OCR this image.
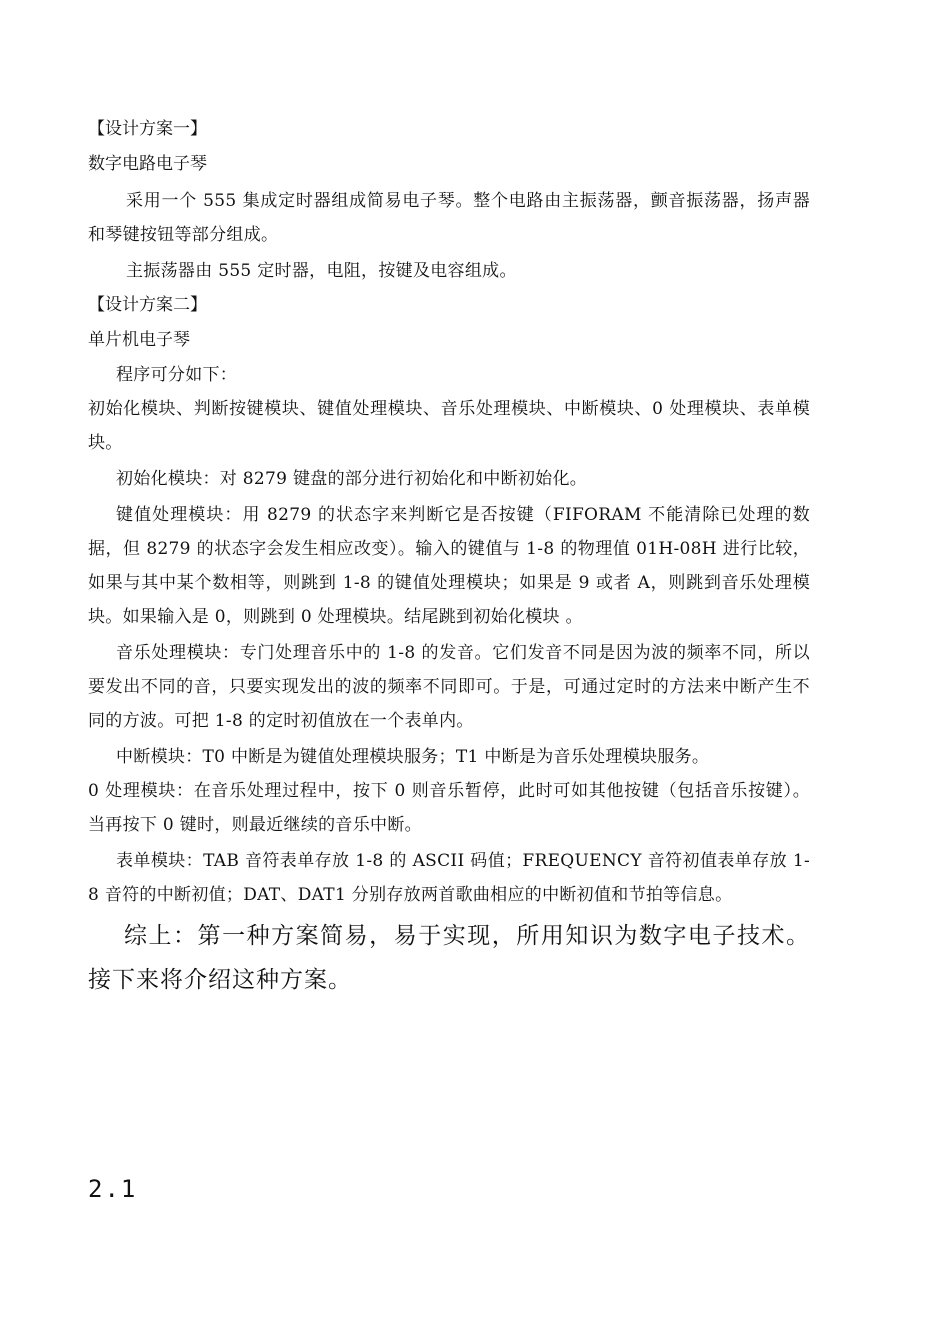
【设计方案一】
数字电路电子琴
采用一个 555 集成定时器组成简易电子琴。整个电路由主振荡器，颤音振荡器，扬声器和琴键按钮等部分组成。
主振荡器由 555 定时器，电阻，按键及电容组成。
【设计方案二】
单片机电子琴
程序可分如下：
初始化模块、判断按键模块、键值处理模块、音乐处理模块、中断模块、0 处理模块、表单模块。
初始化模块：对 8279 键盘的部分进行初始化和中断初始化。
键值处理模块：用 8279 的状态字来判断它是否按键（FIFORAM 不能清除已处理的数据，但 8279 的状态字会发生相应改变）。输入的键值与 1-8 的物理值 01H-08H 进行比较，如果与其中某个数相等，则跳到 1-8 的键值处理模块；如果是 9 或者 A，则跳到音乐处理模块。如果输入是 0，则跳到 0 处理模块。结尾跳到初始化模块 。
音乐处理模块：专门处理音乐中的 1-8 的发音。它们发音不同是因为波的频率不同，所以要发出不同的音，只要实现发出的波的频率不同即可。于是，可通过定时的方法来中断产生不同的方波。可把 1-8 的定时初值放在一个表单内。
中断模块：T0 中断是为键值处理模块服务；T1 中断是为音乐处理模块服务。
0 处理模块：在音乐处理过程中，按下 0 则音乐暂停，此时可如其他按键（包括音乐按键）。当再按下 0 键时，则最近继续的音乐中断。
表单模块：TAB 音符表单存放 1-8 的 ASCII 码值；FREQUENCY 音符初值表单存放 1-8 音符的中断初值；DAT、DAT1 分别存放两首歌曲相应的中断初值和节拍等信息。
综上：第一种方案简易，易于实现，所用知识为数字电子技术。接下来将介绍这种方案。
2.1
